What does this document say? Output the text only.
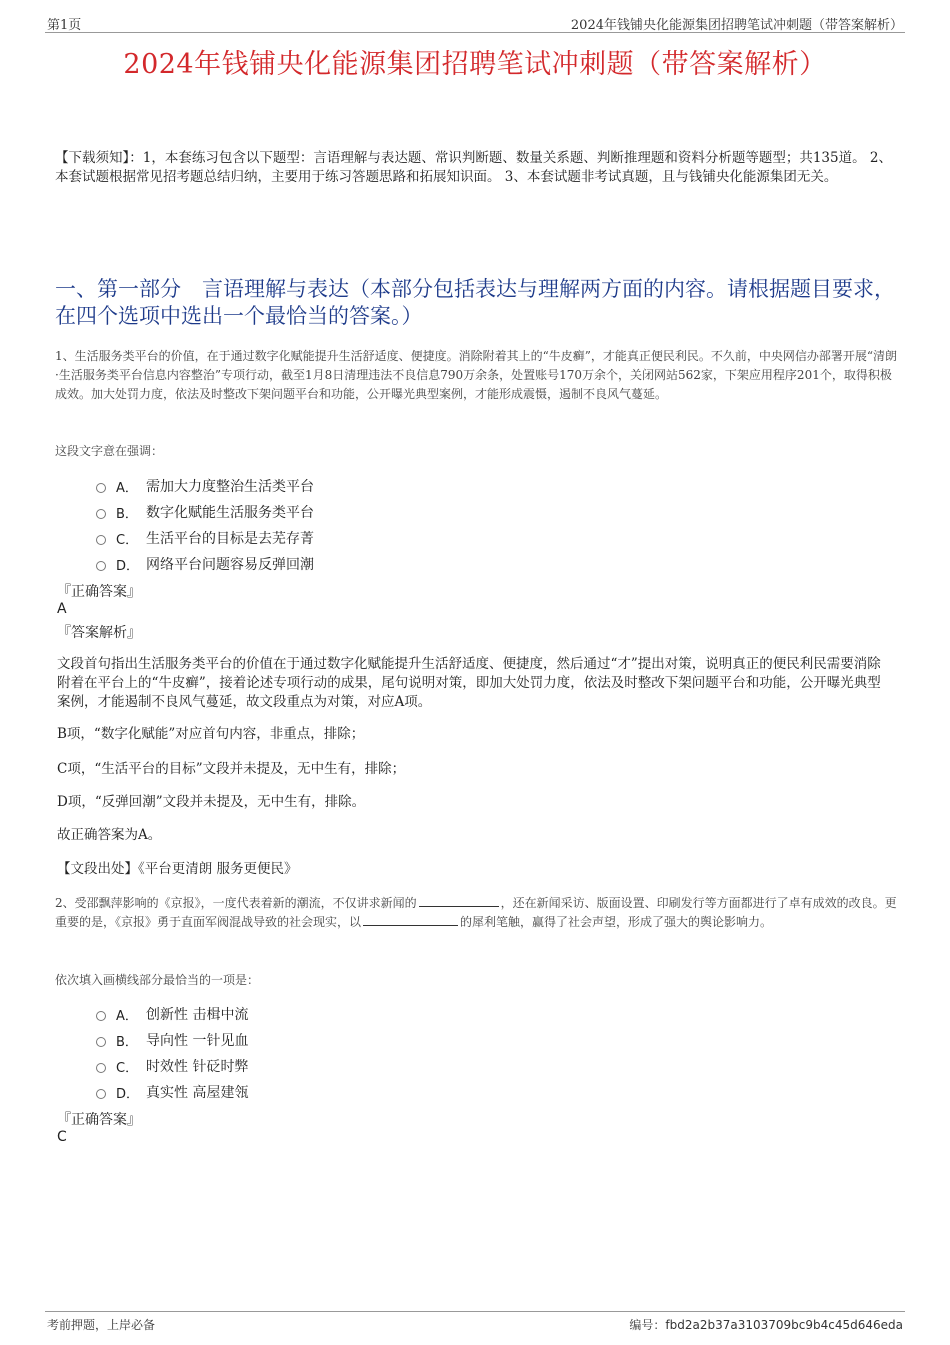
第1页	2024年钱铺央化能源集团招聘笔试冲刺题（带答案解析）
2024年钱铺央化能源集团招聘笔试冲刺题（带答案解析）
【下载须知】：1，本套练习包含以下题型：言语理解与表达题、常识判断题、数量关系题、判断推理题和资料分析题等题型；共135道。 2、本套试题根据常见招考题总结归纳，主要用于练习答题思路和拓展知识面。 3、本套试题非考试真题，且与钱铺央化能源集团无关。
一、第一部分　言语理解与表达（本部分包括表达与理解两方面的内容。请根据题目要求，在四个选项中选出一个最恰当的答案。）
1、生活服务类平台的价值，在于通过数字化赋能提升生活舒适度、便捷度。消除附着其上的“牛皮癣”，才能真正便民利民。不久前，中央网信办部署开展“清朗·生活服务类平台信息内容整治”专项行动，截至1月8日清理违法不良信息790万余条，处置账号170万余个，关闭网站562家，下架应用程序201个，取得积极成效。加大处罚力度，依法及时整改下架问题平台和功能，公开曝光典型案例，才能形成震慑，遏制不良风气蔓延。
这段文字意在强调：
A． 需加大力度整治生活类平台
B． 数字化赋能生活服务类平台
C． 生活平台的目标是去芜存菁
D． 网络平台问题容易反弹回潮
『正确答案』
A
『答案解析』
文段首句指出生活服务类平台的价值在于通过数字化赋能提升生活舒适度、便捷度，然后通过“才”提出对策，说明真正的便民利民需要消除附着在平台上的“牛皮癣”，接着论述专项行动的成果，尾句说明对策，即加大处罚力度，依法及时整改下架问题平台和功能，公开曝光典型案例，才能遏制不良风气蔓延，故文段重点为对策，对应A项。
B项，“数字化赋能”对应首句内容，非重点，排除；
C项，“生活平台的目标”文段并未提及，无中生有，排除；
D项，“反弹回潮”文段并未提及，无中生有，排除。
故正确答案为A。
【文段出处】《平台更清朗 服务更便民》
2、受邵飘萍影响的《京报》，一度代表着新的潮流，不仅讲求新闻的	，还在新闻采访、版面设置、印刷发行等方面都进行了卓有成效的改良。更重要的是，《京报》勇于直面军阀混战导致的社会现实，以	的犀利笔触，赢得了社会声望，形成了强大的舆论影响力。
依次填入画横线部分最恰当的一项是：
A． 创新性 击楫中流
B． 导向性 一针见血
C． 时效性 针砭时弊
D． 真实性 高屋建瓴
『正确答案』
C
考前押题，上岸必备	编号：fbd2a2b37a3103709bc9b4c45d646eda
